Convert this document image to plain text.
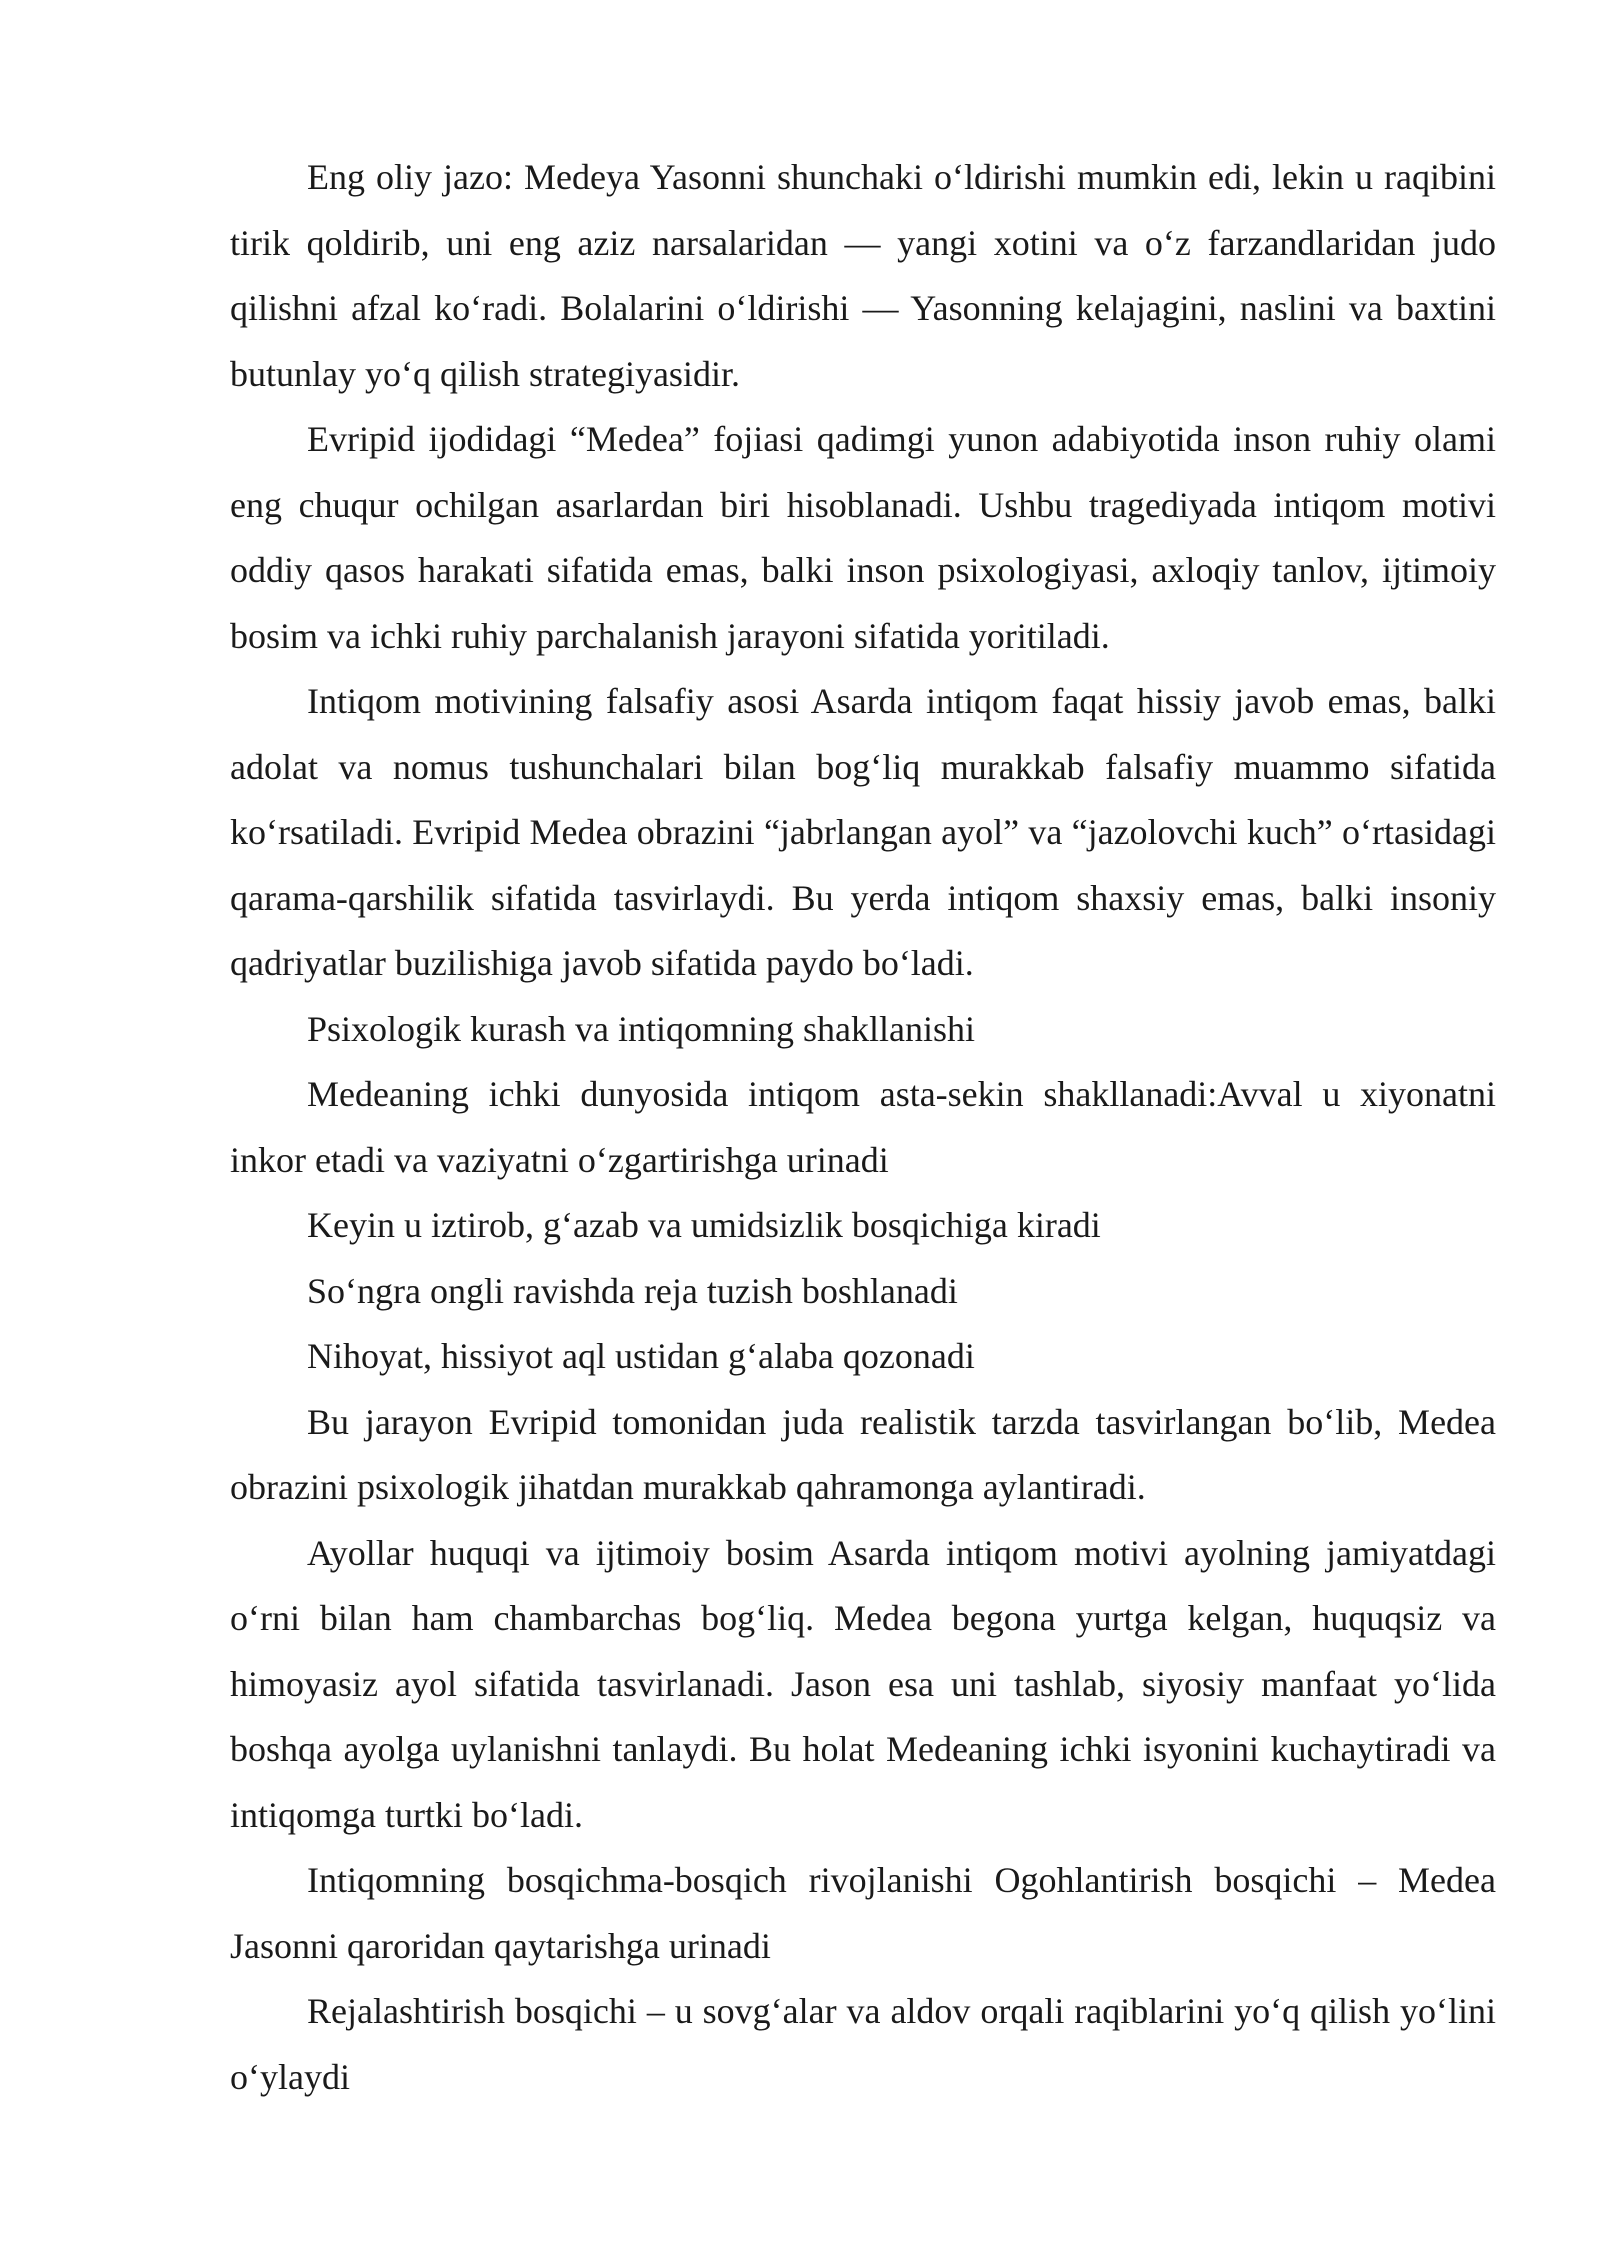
Eng oliy jazo: Medeya Yasonni shunchaki oʻldirishi mumkin edi, lekin u raqibini tirik qoldirib, uni eng aziz narsalaridan — yangi xotini va oʻz farzandlaridan judo qilishni afzal koʻradi. Bolalarini oʻldirishi — Yasonning kelajagini, naslini va baxtini butunlay yoʻq qilish strategiyasidir.

Evripid ijodidagi “Medea” fojiasi qadimgi yunon adabiyotida inson ruhiy olami eng chuqur ochilgan asarlardan biri hisoblanadi. Ushbu tragediyada intiqom motivi oddiy qasos harakati sifatida emas, balki inson psixologiyasi, axloqiy tanlov, ijtimoiy bosim va ichki ruhiy parchalanish jarayoni sifatida yoritiladi.

Intiqom motivining falsafiy asosi Asarda intiqom faqat hissiy javob emas, balki adolat va nomus tushunchalari bilan bogʻliq murakkab falsafiy muammo sifatida koʻrsatiladi. Evripid Medea obrazini “jabrlangan ayol” va “jazolovchi kuch” oʻrtasidagi qarama-qarshilik sifatida tasvirlaydi. Bu yerda intiqom shaxsiy emas, balki insoniy qadriyatlar buzilishiga javob sifatida paydo boʻladi.

Psixologik kurash va intiqomning shakllanishi

Medeaning ichki dunyosida intiqom asta-sekin shakllanadi:Avval u xiyonatni inkor etadi va vaziyatni oʻzgartirishga urinadi

Keyin u iztirob, gʻazab va umidsizlik bosqichiga kiradi

Soʻngra ongli ravishda reja tuzish boshlanadi

Nihoyat, hissiyot aql ustidan gʻalaba qozonadi

Bu jarayon Evripid tomonidan juda realistik tarzda tasvirlangan boʻlib, Medea obrazini psixologik jihatdan murakkab qahramonga aylantiradi.

Ayollar huquqi va ijtimoiy bosim Asarda intiqom motivi ayolning jamiyatdagi oʻrni bilan ham chambarchas bogʻliq. Medea begona yurtga kelgan, huquqsiz va himoyasiz ayol sifatida tasvirlanadi. Jason esa uni tashlab, siyosiy manfaat yoʻlida boshqa ayolga uylanishni tanlaydi. Bu holat Medeaning ichki isyonini kuchaytiradi va intiqomga turtki boʻladi.

Intiqomning bosqichma-bosqich rivojlanishi Ogohlantirish bosqichi – Medea Jasonni qaroridan qaytarishga urinadi

Rejalashtirish bosqichi – u sovgʻalar va aldov orqali raqiblarini yoʻq qilish yoʻlini oʻylaydi
